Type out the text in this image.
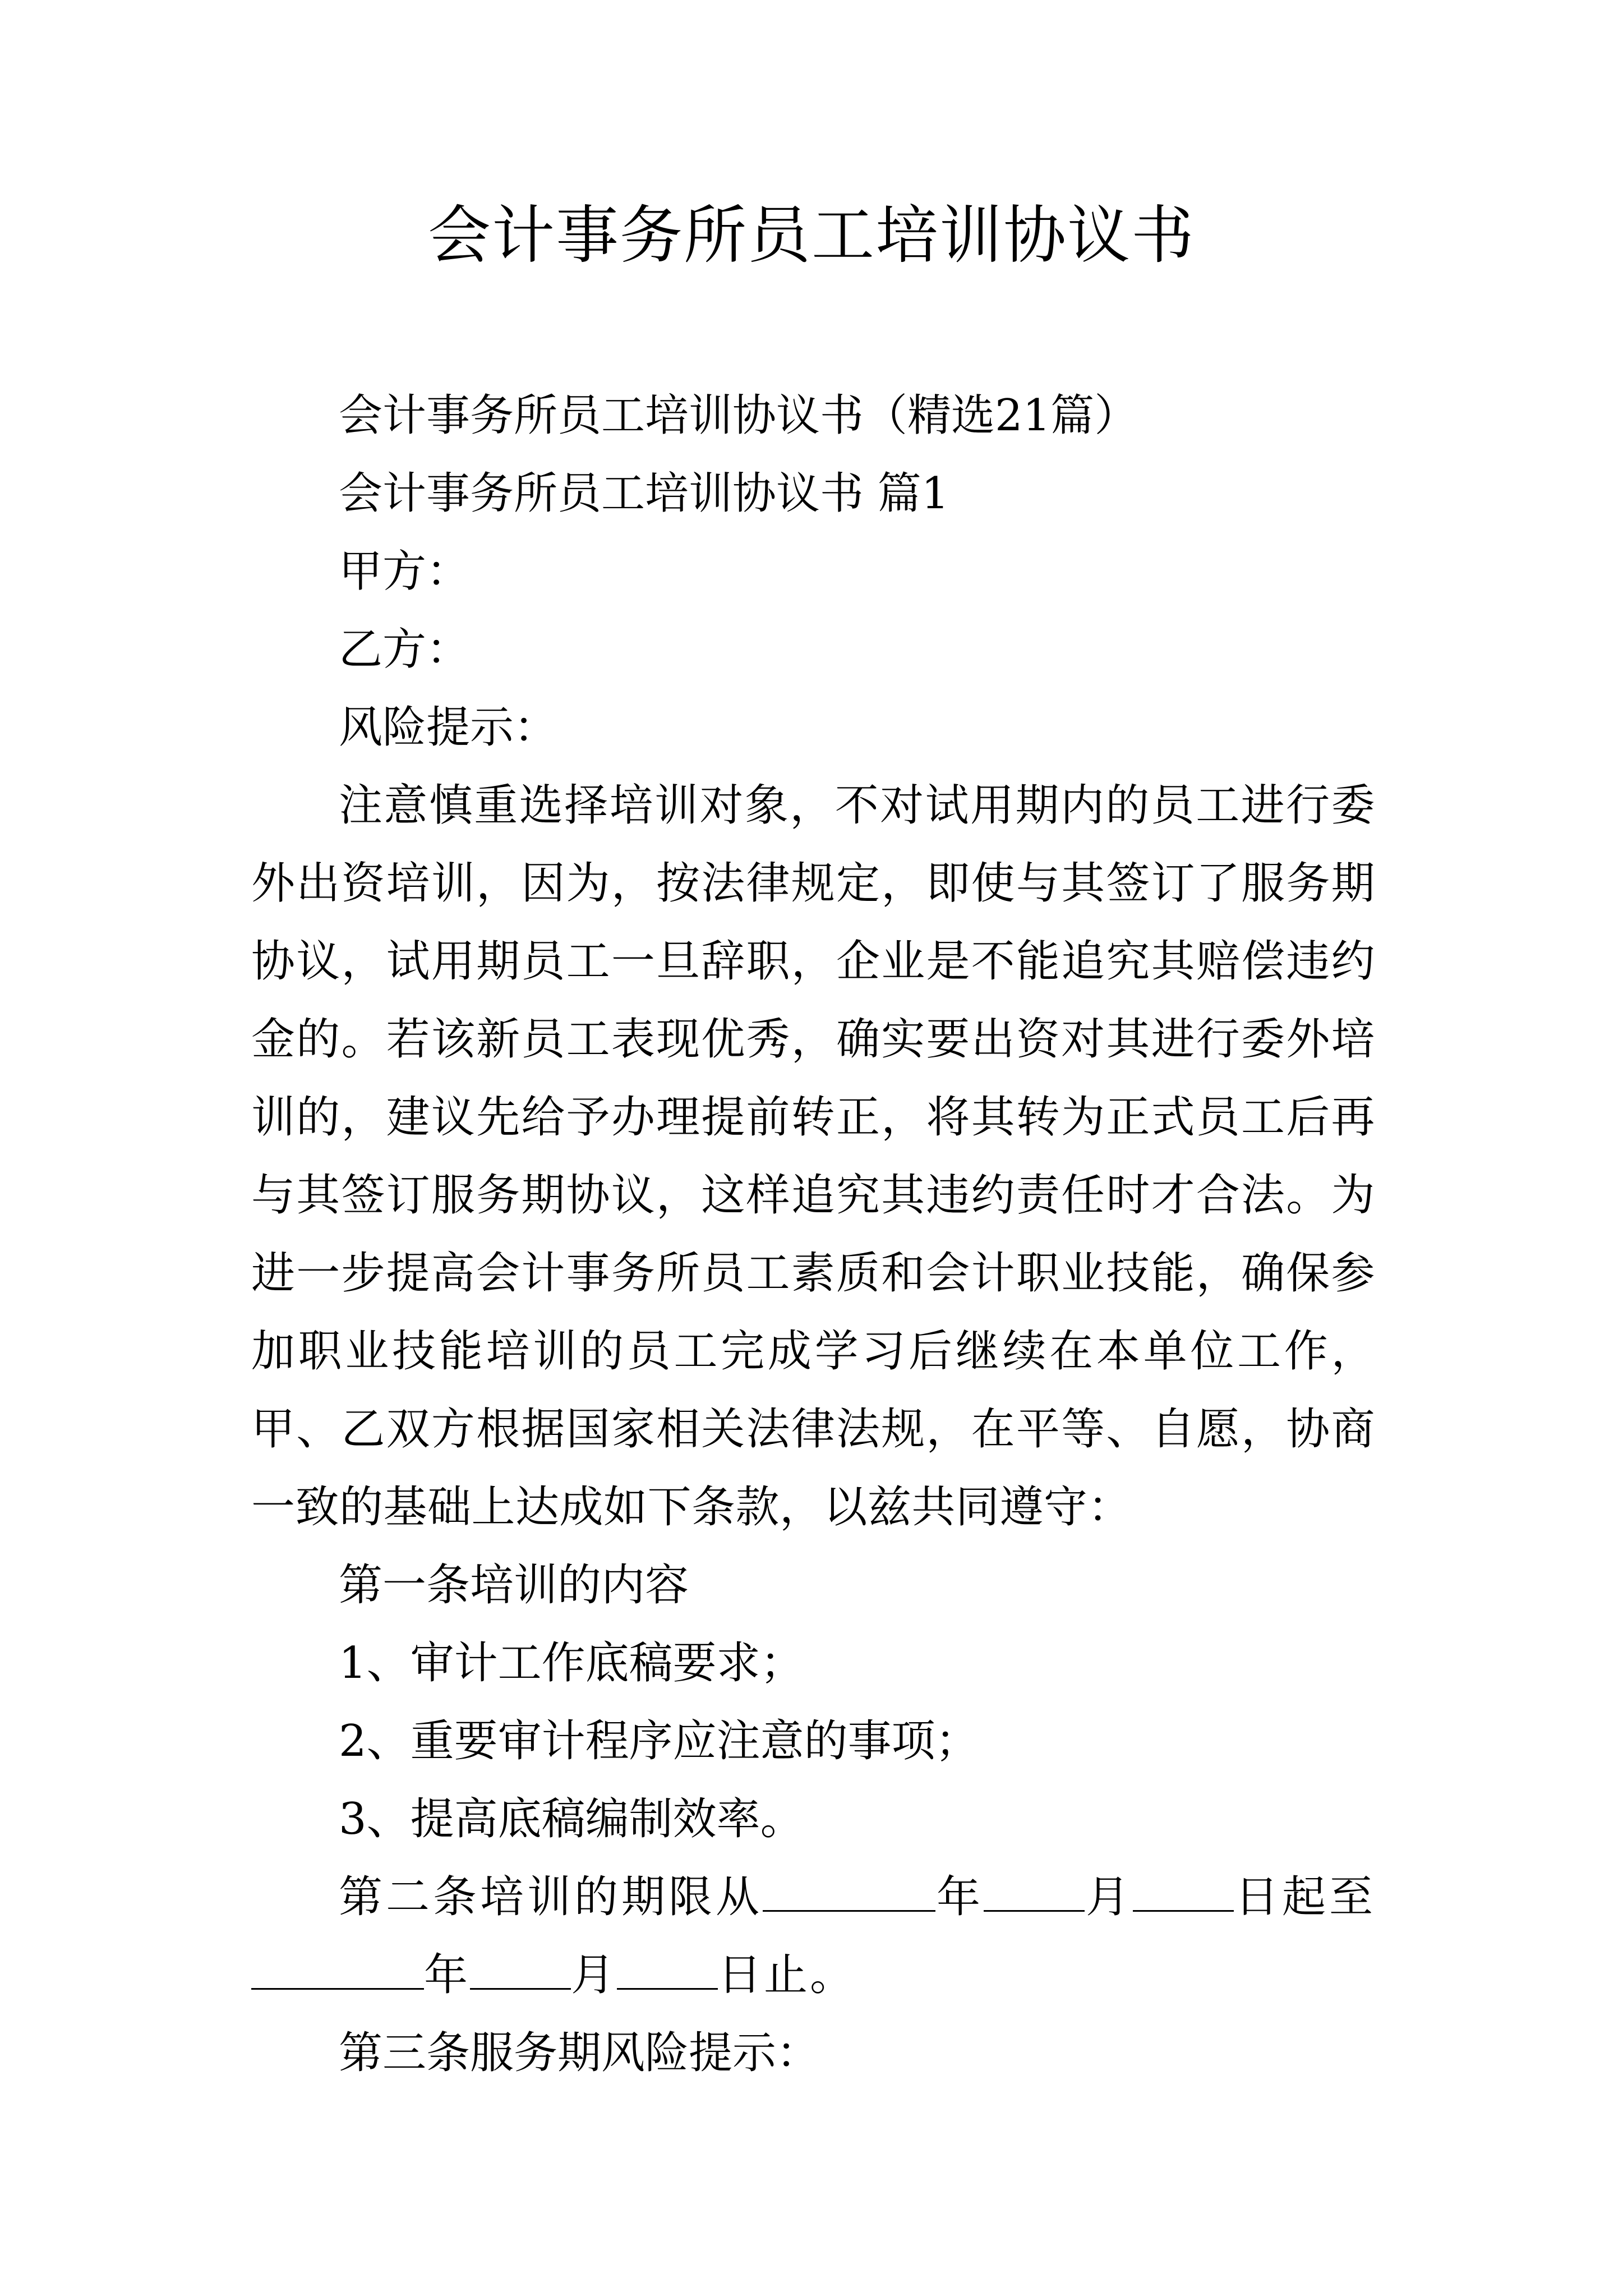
会计事务所员工培训协议书

会计事务所员工培训协议书（精选21篇）

会计事务所员工培训协议书 篇1

甲方：

乙方：

风险提示：

注意慎重选择培训对象，不对试用期内的员工进行委外出资培训，因为，按法律规定，即使与其签订了服务期协议，试用期员工一旦辞职，企业是不能追究其赔偿违约金的。若该新员工表现优秀，确实要出资对其进行委外培训的，建议先给予办理提前转正，将其转为正式员工后再与其签订服务期协议，这样追究其违约责任时才合法。为进一步提高会计事务所员工素质和会计职业技能，确保参加职业技能培训的员工完成学习后继续在本单位工作，甲、乙双方根据国家相关法律法规，在平等、自愿，协商一致的基础上达成如下条款，以兹共同遵守：

第一条培训的内容

1、审计工作底稿要求；

2、重要审计程序应注意的事项；

3、提高底稿编制效率。

第二条培训的期限从	年 月 日起至年 月 日止。

第三条服务期风险提示：
